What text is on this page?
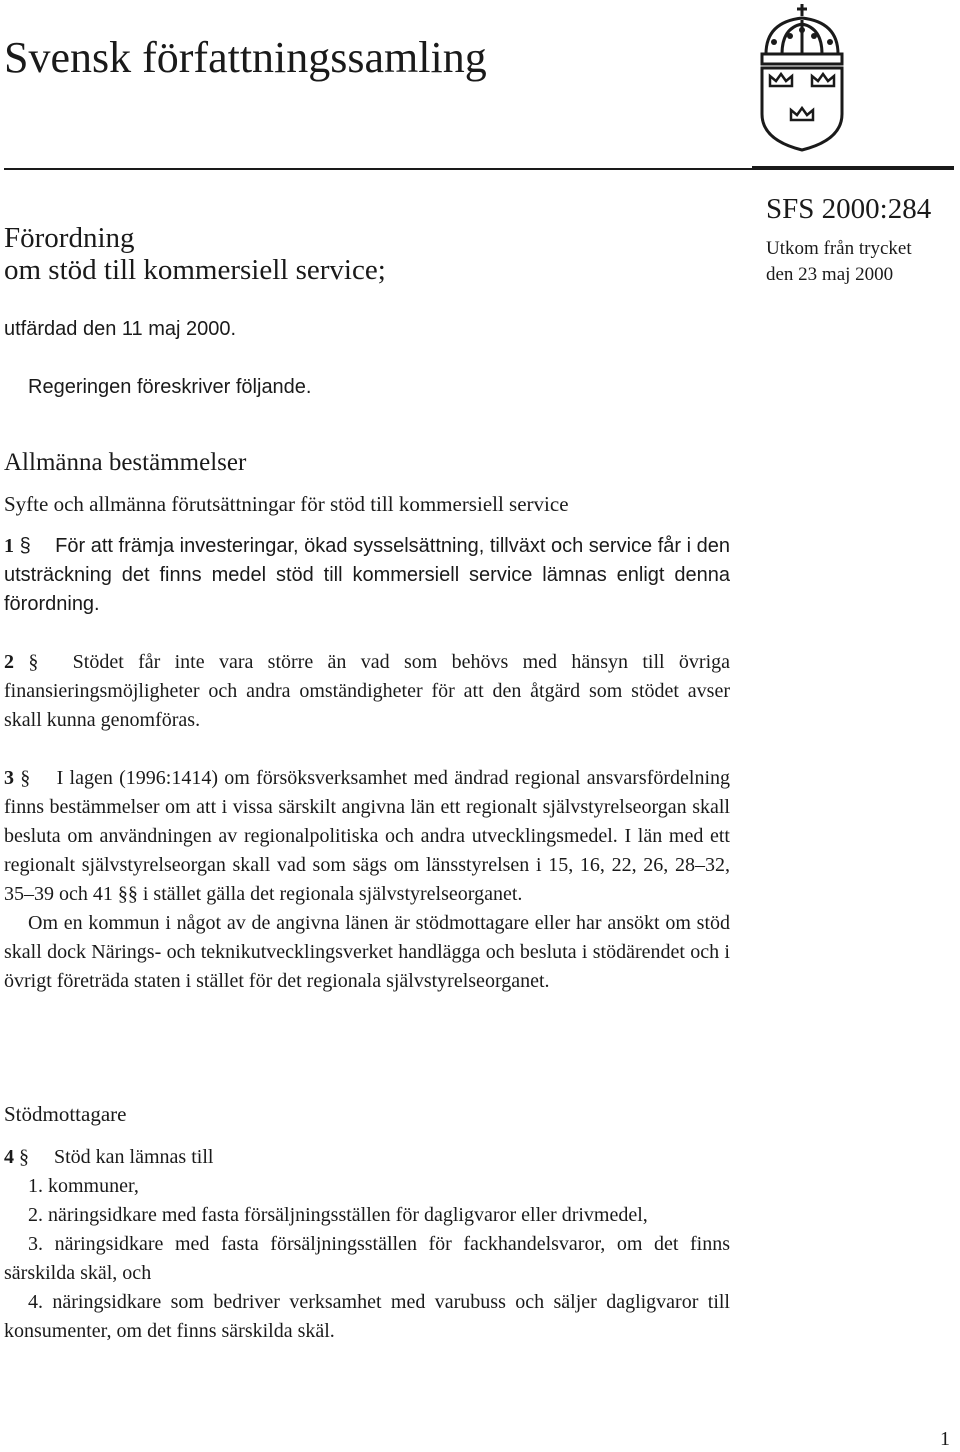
Svensk författningssamling
Förordning
om stöd till kommersiell service;
SFS 2000:284
Utkom från trycket
den 23 maj 2000
utfärdad den 11 maj 2000.
Regeringen föreskriver följande.
Allmänna bestämmelser
Syfte och allmänna förutsättningar för stöd till kommersiell service
1 § För att främja investeringar, ökad sysselsättning, tillväxt och service får i den utsträckning det finns medel stöd till kommersiell service lämnas enligt denna förordning.
2 § Stödet får inte vara större än vad som behövs med hänsyn till övriga finansieringsmöjligheter och andra omständigheter för att den åtgärd som stödet avser skall kunna genomföras.
3 § I lagen (1996:1414) om försöksverksamhet med ändrad regional ansvarsfördelning finns bestämmelser om att i vissa särskilt angivna län ett regionalt självstyrelseorgan skall besluta om användningen av regionalpolitiska och andra utvecklingsmedel. I län med ett regionalt självstyrelseorgan skall vad som sägs om länsstyrelsen i 15, 16, 22, 26, 28–32, 35–39 och 41 §§ i stället gälla det regionala självstyrelseorganet.
Om en kommun i något av de angivna länen är stödmottagare eller har ansökt om stöd skall dock Närings- och teknikutvecklingsverket handlägga och besluta i stödärendet och i övrigt företräda staten i stället för det regionala självstyrelseorganet.
Stödmottagare
4 § Stöd kan lämnas till
1. kommuner,
2. näringsidkare med fasta försäljningsställen för dagligvaror eller drivmedel,
3. näringsidkare med fasta försäljningsställen för fackhandelsvaror, om det finns särskilda skäl, och
4. näringsidkare som bedriver verksamhet med varubuss och säljer dagligvaror till konsumenter, om det finns särskilda skäl.
1
